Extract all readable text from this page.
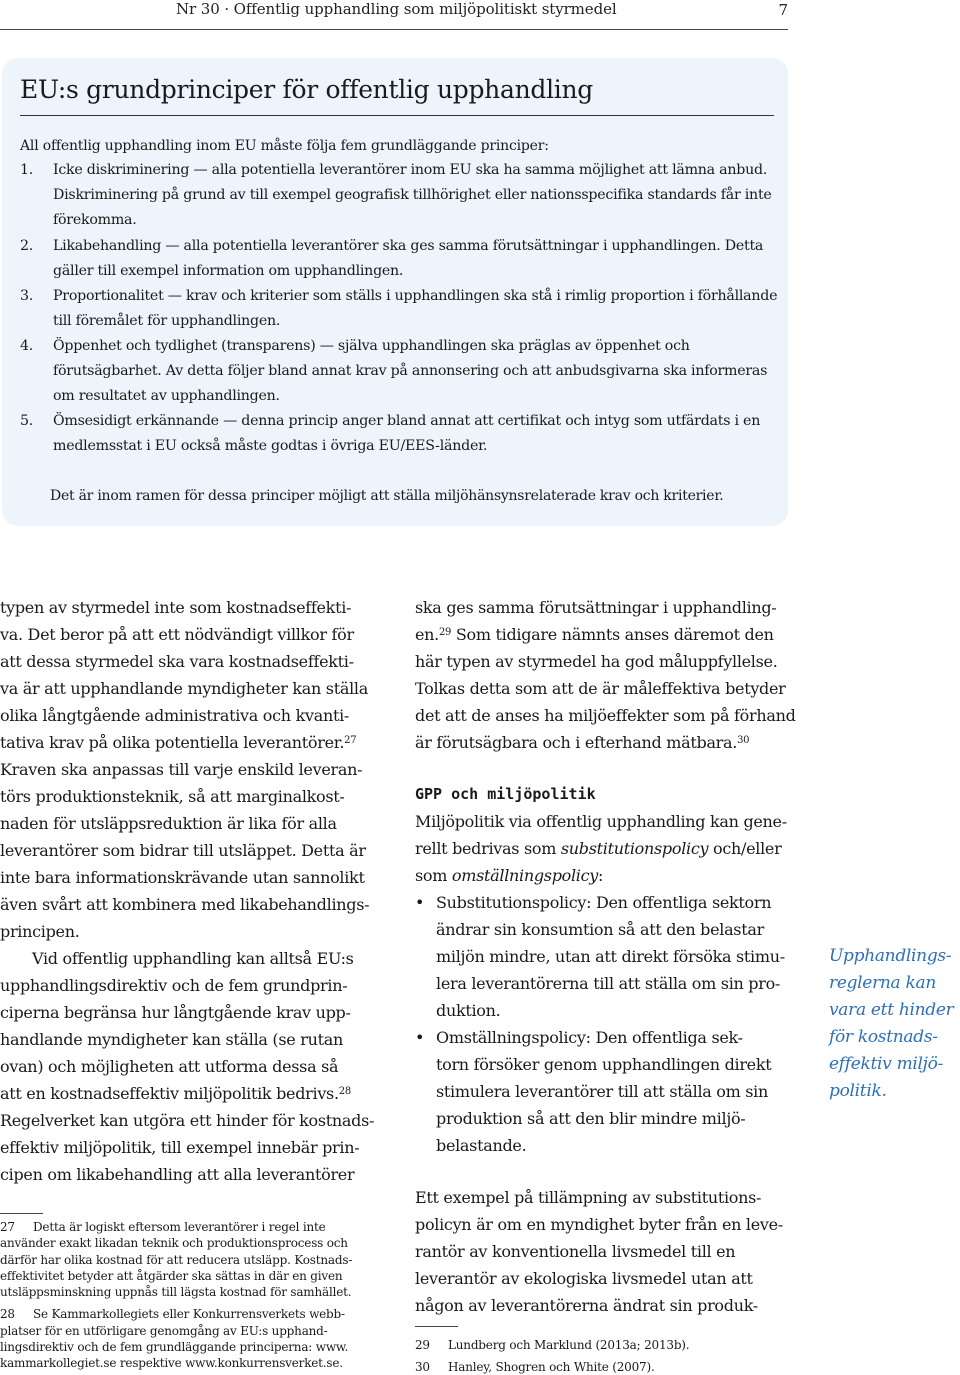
Nr 30 · Offentlig upphandling som miljöpolitiskt styrmedel	7
EU:s grundprinciper för offentlig upphandling
All offentlig upphandling inom EU måste följa fem grundläggande principer:
1. Icke diskriminering — alla potentiella leverantörer inom EU ska ha samma möjlighet att lämna anbud.
Diskriminering på grund av till exempel geografisk tillhörighet eller nationsspecifika standards får inte
förekomma.
2. Likabehandling — alla potentiella leverantörer ska ges samma förutsättningar i upphandlingen. Detta
gäller till exempel information om upphandlingen.
3. Proportionalitet — krav och kriterier som ställs i upphandlingen ska stå i rimlig proportion i förhållande
till föremålet för upphandlingen.
4. Öppenhet och tydlighet (transparens) — själva upphandlingen ska präglas av öppenhet och
förutsägbarhet. Av detta följer bland annat krav på annonsering och att anbudsgivarna ska informeras
om resultatet av upphandlingen.
5. Ömsesidigt erkännande — denna princip anger bland annat att certifikat och intyg som utfärdats i en
medlemsstat i EU också måste godtas i övriga EU/EES-länder.
Det är inom ramen för dessa principer möjligt att ställa miljöhänsynsrelaterade krav och kriterier.
typen av styrmedel inte som kostnadseffekti-
va. Det beror på att ett nödvändigt villkor för
att dessa styrmedel ska vara kostnadseffekti-
va är att upphandlande myndigheter kan ställa
olika långtgående administrativa och kvanti-
tativa krav på olika potentiella leverantörer.$^{27}$
Kraven ska anpassas till varje enskild leveran-
törs produktionsteknik, så att marginalkost-
naden för utsläppsreduktion är lika för alla
leverantörer som bidrar till utsläppet. Detta är
inte bara informationskrävande utan sannolikt
även svårt att kombinera med likabehandlings-
principen.
Vid offentlig upphandling kan alltså EU:s
upphandlingsdirektiv och de fem grundprin-
ciperna begränsa hur långtgående krav upp-
handlande myndigheter kan ställa (se rutan
ovan) och möjligheten att utforma dessa så
att en kostnadseffektiv miljöpolitik bedrivs.$^{28}$
Regelverket kan utgöra ett hinder för kostnads-
effektiv miljöpolitik, till exempel innebär prin-
cipen om likabehandling att alla leverantörer
ska ges samma förutsättningar i upphandling-
en.$^{29}$ Som tidigare nämnts anses däremot den
här typen av styrmedel ha god måluppfyllelse.
Tolkas detta som att de är måleffektiva betyder
det att de anses ha miljöeffekter som på förhand
är förutsägbara och i efterhand mätbara.$^{30}$
GPP och miljöpolitik
Miljöpolitik via offentlig upphandling kan gene-
rellt bedrivas som substitutionspolicy och/eller
som omställningspolicy:
• Substitutionspolicy: Den offentliga sektorn
ändrar sin konsumtion så att den belastar
miljön mindre, utan att direkt försöka stimu-
lera leverantörerna till att ställa om sin pro-
duktion.
• Omställningspolicy: Den offentliga sek-
torn försöker genom upphandlingen direkt
stimulera leverantörer till att ställa om sin
produktion så att den blir mindre miljö-
belastande.
Ett exempel på tillämpning av substitutions-
policyn är om en myndighet byter från en leve-
rantör av konventionella livsmedel till en
leverantör av ekologiska livsmedel utan att
någon av leverantörerna ändrat sin produk-
Upphandlings-
reglerna kan
vara ett hinder
för kostnads-
effektiv miljö-
politik.
27 Detta är logiskt eftersom leverantörer i regel inte
använder exakt likadan teknik och produktionsprocess och
därför har olika kostnad för att reducera utsläpp. Kostnads-
effektivitet betyder att åtgärder ska sättas in där en given
utsläppsminskning uppnås till lägsta kostnad för samhället.
28 Se Kammarkollegiets eller Konkurrensverkets webb-
platser för en utförligare genomgång av EU:s upphand-
lingsdirektiv och de fem grundläggande principerna: www.
kammarkollegiet.se respektive www.konkurrensverket.se.
29 Lundberg och Marklund (2013a; 2013b).
30 Hanley, Shogren och White (2007).
